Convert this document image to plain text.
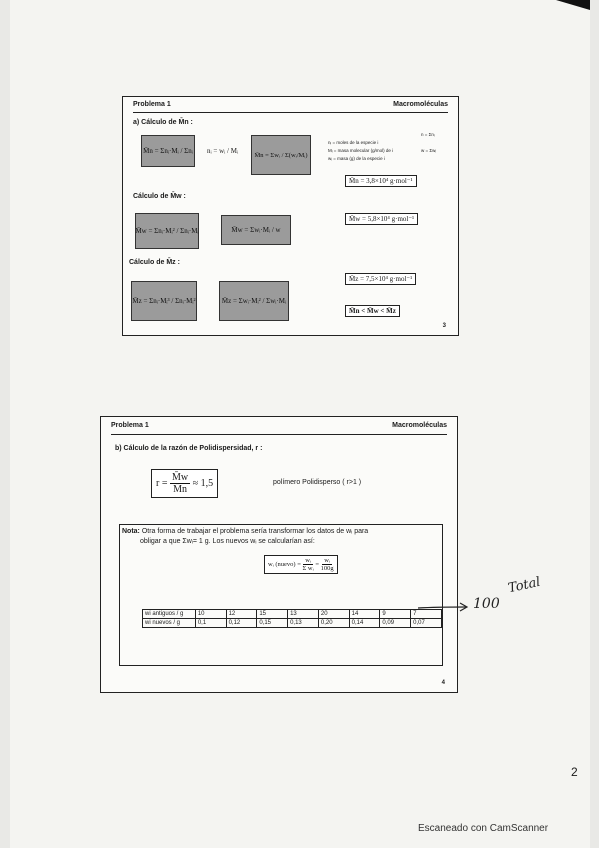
Problema 1	Macromoléculas
a) Cálculo de M̄n :
M̄n = Σnᵢ·Mᵢ / Σnᵢ nᵢ = wᵢ / Mᵢ	M̄n = Σwᵢ / Σ(wᵢ/Mᵢ)
nᵢ = moles de la especie i
Mᵢ = masa molecular (g/mol) de i
wᵢ = masa (g) de la especie i
n = Σnᵢ
w = Σwᵢ
M̄n = 3,8×10⁴ g·mol⁻¹
Cálculo de M̄w :
M̄w = Σnᵢ·Mᵢ² / Σnᵢ·Mᵢ	M̄w = Σwᵢ·Mᵢ / w
M̄w = 5,8×10⁴ g·mol⁻¹
Cálculo de M̄z :
M̄z = Σnᵢ·Mᵢ³ / Σnᵢ·Mᵢ²	M̄z = Σwᵢ·Mᵢ² / Σwᵢ·Mᵢ
M̄z = 7,5×10⁴ g·mol⁻¹
M̄n < M̄w < M̄z
3
Problema 1	Macromoléculas
b) Cálculo de la razón de Polidispersidad, r :
$r = \frac{M̄w}{M̄n} \approx 1,5$	polímero Polidisperso ( r>1 )
Nota: Otra forma de trabajar el problema sería transformar los datos de wᵢ para
obligar a que Σwᵢ= 1 g. Los nuevos wᵢ se calcularían así:
wᵢ (nuevo) = $\frac{\text{wᵢ}}{\text{Σ wᵢ}} = \frac{\text{wᵢ}}{100g}$
wi antiguos / g	10	12	15	13	20	14	9	7
wi nuevos / g	0,1	0,12	0,15	0,13	0,20	0,14	0,09	0,07
4
Total
100
2
Escaneado con CamScanner
